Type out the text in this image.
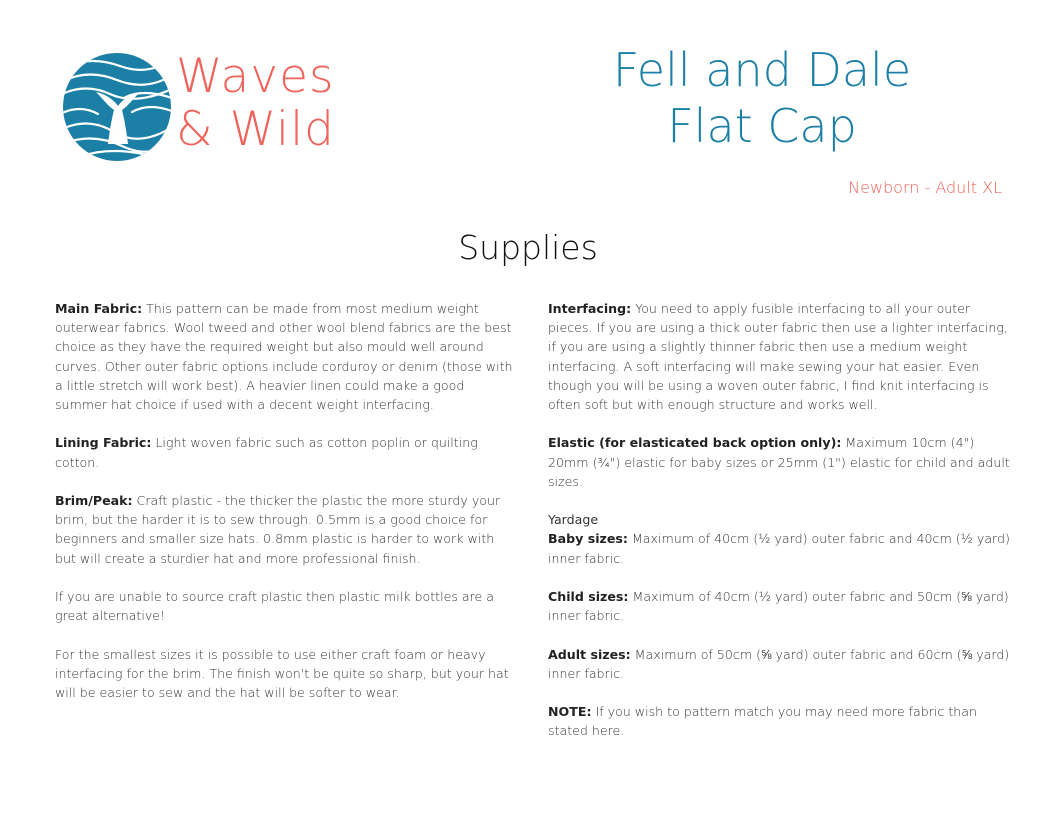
Waves
& Wild
Fell and Dale
Flat Cap
Newborn - Adult XL
Supplies

Main Fabric: This pattern can be made from most medium weight outerwear fabrics. Wool tweed and other wool blend fabrics are the best choice as they have the required weight but also mould well around curves. Other outer fabric options include corduroy or denim (those with a little stretch will work best). A heavier linen could make a good summer hat choice if used with a decent weight interfacing.

Lining Fabric: Light woven fabric such as cotton poplin or quilting cotton.

Brim/Peak: Craft plastic - the thicker the plastic the more sturdy your brim, but the harder it is to sew through. 0.5mm is a good choice for beginners and smaller size hats. 0.8mm plastic is harder to work with but will create a sturdier hat and more professional finish.

If you are unable to source craft plastic then plastic milk bottles are a great alternative!

For the smallest sizes it is possible to use either craft foam or heavy interfacing for the brim. The finish won't be quite so sharp, but your hat will be easier to sew and the hat will be softer to wear.

Interfacing: You need to apply fusible interfacing to all your outer pieces. If you are using a thick outer fabric then use a lighter interfacing, if you are using a slightly thinner fabric then use a medium weight interfacing. A soft interfacing will make sewing your hat easier. Even though you will be using a woven outer fabric, I find knit interfacing is often soft but with enough structure and works well.

Elastic (for elasticated back option only): Maximum 10cm (4") 20mm (¾") elastic for baby sizes or 25mm (1") elastic for child and adult sizes.

Yardage

Baby sizes: Maximum of 40cm (½ yard) outer fabric and 40cm (½ yard) inner fabric.

Child sizes: Maximum of 40cm (½ yard) outer fabric and 50cm (⅝ yard) inner fabric.

Adult sizes: Maximum of 50cm (⅝ yard) outer fabric and 60cm (⅝ yard) inner fabric.

NOTE: If you wish to pattern match you may need more fabric than stated here.
